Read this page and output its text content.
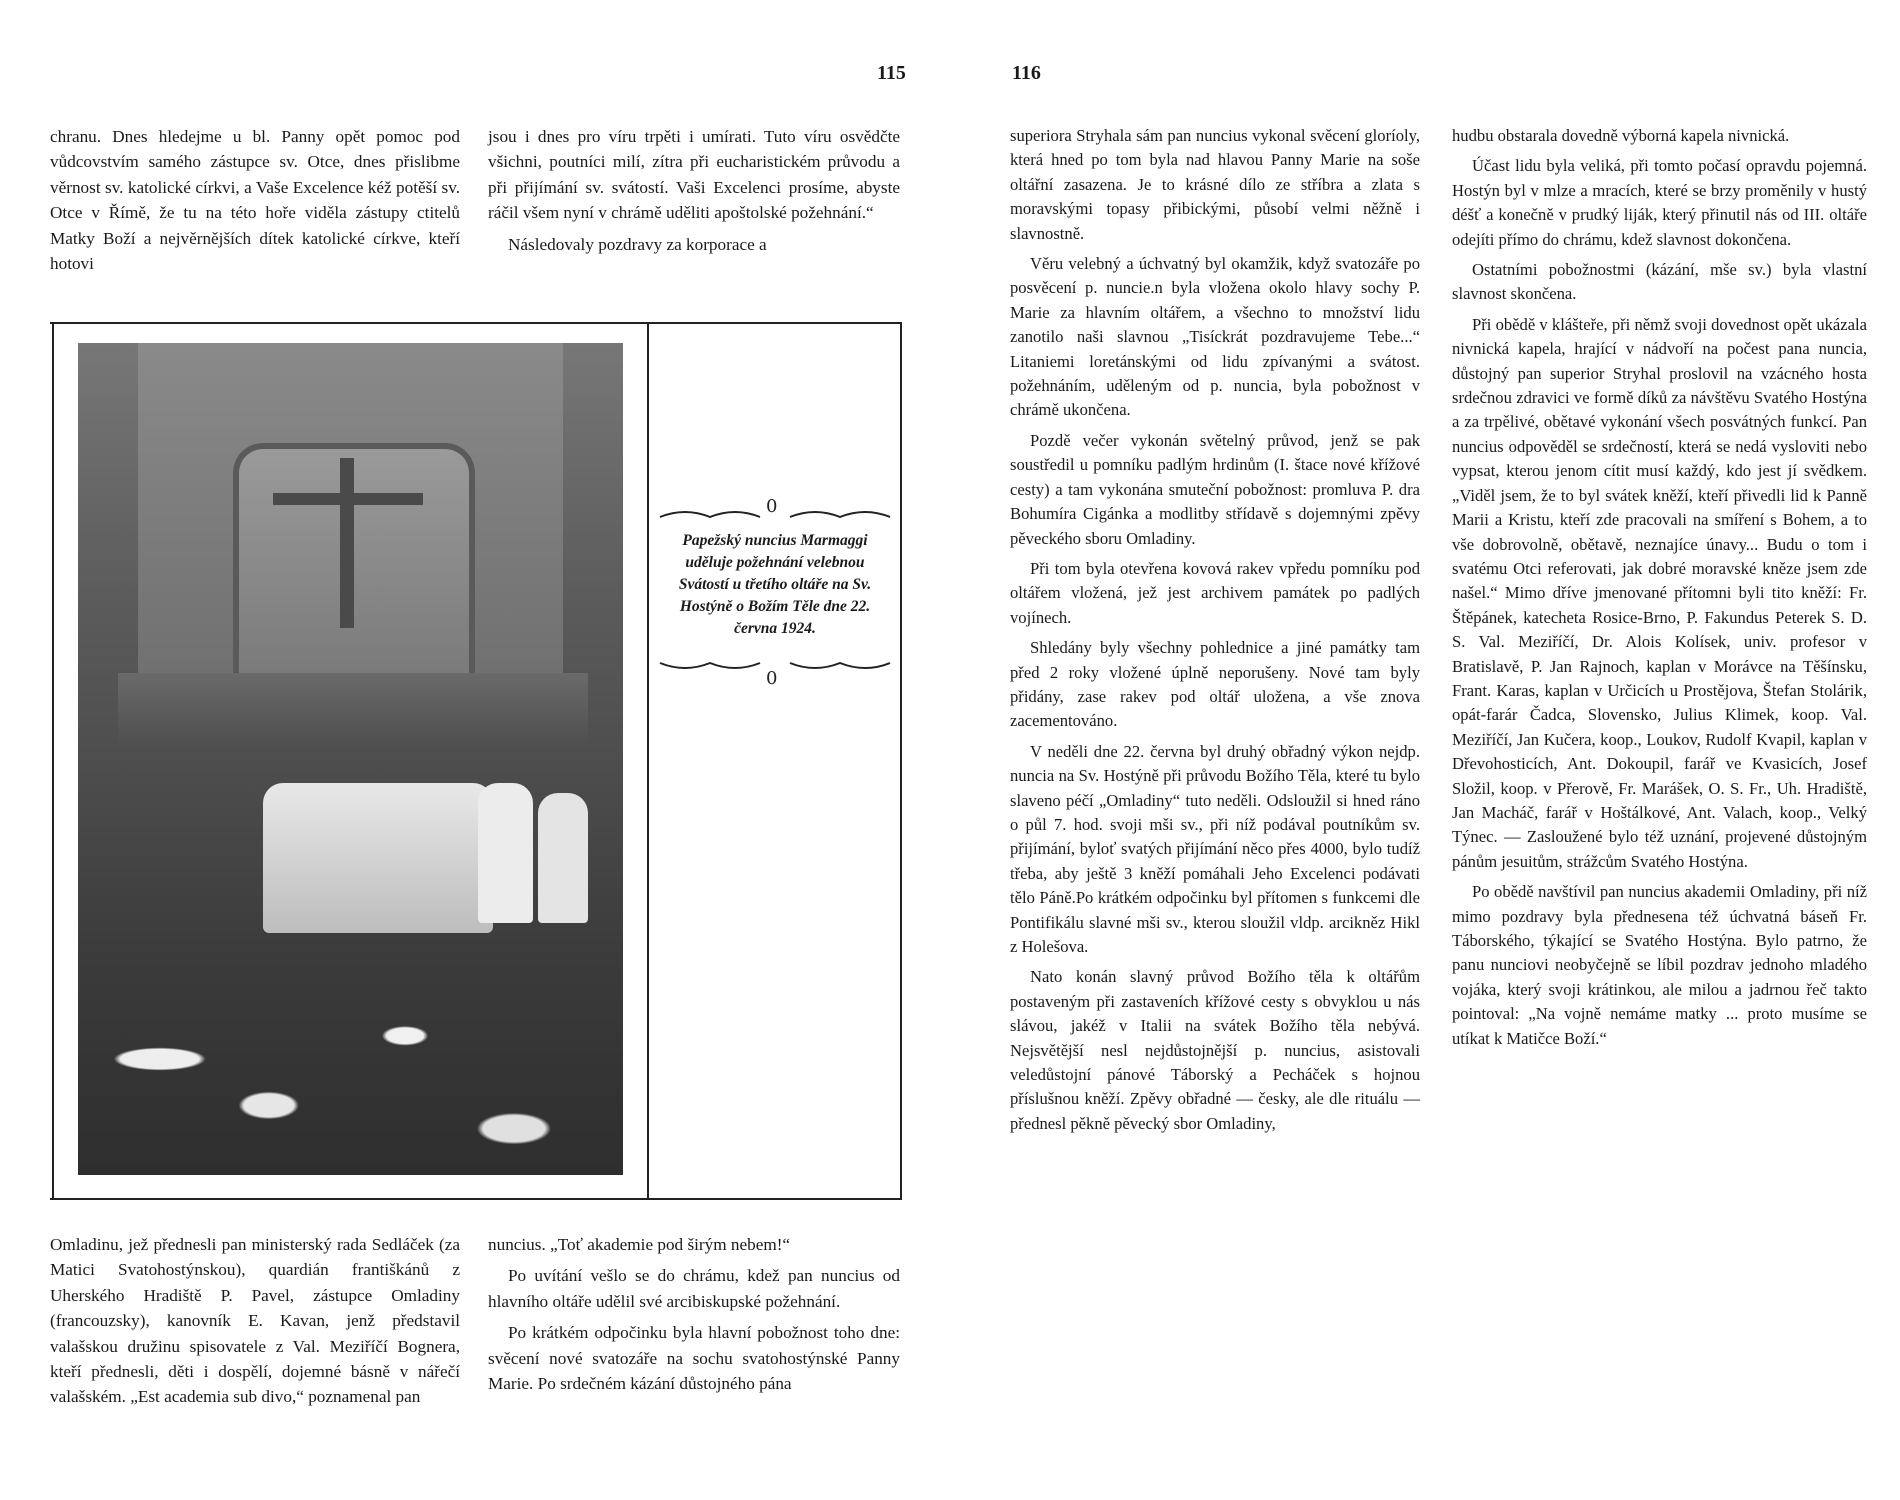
115	116

chranu. Dnes hledejme u bl. Panny opět pomoc pod vůdcovstvím samého zástupce sv. Otce, dnes přislibme věrnost sv. katolické církvi, a Vaše Excelence kéž potěší sv. Otce v Římě, že tu na této hoře viděla zástupy ctitelů Matky Boží a nejvěrnějších dítek katolické církve, kteří hotovi

jsou i dnes pro víru trpěti i umírati. Tuto víru osvědčte všichni, poutníci milí, zítra při eucharistickém průvodu a při přijímání sv. svátostí. Vaši Excelenci prosíme, abyste ráčil všem nyní v chrámě uděliti apoštolské požehnání.“

Následovaly pozdravy za korporace a

0
Papežský nuncius Marmaggi uděluje požehnání velebnou Svátostí u třetího oltáře na Sv. Hostýně o Božím Těle dne 22. června 1924.
0

Omladinu, jež přednesli pan ministerský rada Sedláček (za Matici Svatohostýnskou), quardián františkánů z Uherského Hradiště P. Pavel, zástupce Omladiny (francouzsky), kanovník E. Kavan, jenž představil valašskou družinu spisovatele z Val. Meziříčí Bognera, kteří přednesli, děti i dospělí, dojemné básně v nářečí valašském. „Est academia sub divo,“ poznamenal pan

nuncius. „Toť akademie pod širým nebem!“

Po uvítání vešlo se do chrámu, kdež pan nuncius od hlavního oltáře udělil své arcibiskupské požehnání.

Po krátkém odpočinku byla hlavní pobožnost toho dne: svěcení nové svatozáře na sochu svatohostýnské Panny Marie. Po srdečném kázání důstojného pána

superiora Stryhala sám pan nuncius vykonal svěcení gloríoly, která hned po tom byla nad hlavou Panny Marie na soše oltářní zasazena. Je to krásné dílo ze stříbra a zlata s moravskými topasy přibickými, působí velmi něžně i slavnostně.

Věru velebný a úchvatný byl okamžik, když svatozáře po posvěcení p. nuncie.n byla vložena okolo hlavy sochy P. Marie za hlavním oltářem, a všechno to množství lidu zanotilo naši slavnou „Tisíckrát pozdravujeme Tebe...“ Litaniemi loretánskými od lidu zpívanými a svátost. požehnáním, uděleným od p. nuncia, byla pobožnost v chrámě ukončena.

Pozdě večer vykonán světelný průvod, jenž se pak soustředil u pomníku padlým hrdinům (I. štace nové křížové cesty) a tam vykonána smuteční pobožnost: promluva P. dra Bohumíra Cigánka a modlitby střídavě s dojemnými zpěvy pěveckého sboru Omladiny.

Při tom byla otevřena kovová rakev vpředu pomníku pod oltářem vložená, jež jest archivem památek po padlých vojínech.

Shledány byly všechny pohlednice a jiné památky tam před 2 roky vložené úplně neporušeny. Nové tam byly přidány, zase rakev pod oltář uložena, a vše znova zacementováno.

V neděli dne 22. června byl druhý obřadný výkon nejdp. nuncia na Sv. Hostýně při průvodu Božího Těla, které tu bylo slaveno péčí „Omladiny“ tuto neděli. Odsloužil si hned ráno o půl 7. hod. svoji mši sv., při níž podával poutníkům sv. přijímání, byloť svatých přijímání něco přes 4000, bylo tudíž třeba, aby ještě 3 kněží pomáhali Jeho Excelenci podávati tělo Páně.Po krátkém odpočinku byl přítomen s funkcemi dle Pontifikálu slavné mši sv., kterou sloužil vldp. arcikněz Hikl z Holešova.

Nato konán slavný průvod Božího těla k oltářům postaveným při zastaveních křížové cesty s obvyklou u nás slávou, jakéž v Italii na svátek Božího těla nebývá. Nejsvětější nesl nejdůstojnější p. nuncius, asistovali veledůstojní pánové Táborský a Pecháček s hojnou příslušnou kněží. Zpěvy obřadné — česky, ale dle rituálu — přednesl pěkně pěvecký sbor Omladiny,

hudbu obstarala dovedně výborná kapela nivnická.

Účast lidu byla veliká, při tomto počasí opravdu pojemná. Hostýn byl v mlze a mracích, které se brzy proměnily v hustý déšť a konečně v prudký liják, který přinutil nás od III. oltáře odejíti přímo do chrámu, kdež slavnost dokončena.

Ostatními pobožnostmi (kázání, mše sv.) byla vlastní slavnost skončena.

Při obědě v klášteře, při němž svoji dovednost opět ukázala nivnická kapela, hrající v nádvoří na počest pana nuncia, důstojný pan superior Stryhal proslovil na vzácného hosta srdečnou zdravici ve formě díků za návštěvu Svatého Hostýna a za trpělivé, obětavé vykonání všech posvátných funkcí. Pan nuncius odpověděl se srdečností, která se nedá vysloviti nebo vypsat, kterou jenom cítit musí každý, kdo jest jí svědkem. „Viděl jsem, že to byl svátek kněží, kteří přivedli lid k Panně Marii a Kristu, kteří zde pracovali na smíření s Bohem, a to vše dobrovolně, obětavě, neznajíce únavy... Budu o tom i svatému Otci referovati, jak dobré moravské kněze jsem zde našel.“ Mimo dříve jmenované přítomni byli tito kněží: Fr. Štěpánek, katecheta Rosice-Brno, P. Fakundus Peterek S. D. S. Val. Meziříčí, Dr. Alois Kolísek, univ. profesor v Bratislavě, P. Jan Rajnoch, kaplan v Morávce na Těšínsku, Frant. Karas, kaplan v Určicích u Prostějova, Štefan Stolárik, opát-farár Čadca, Slovensko, Julius Klimek, koop. Val. Meziříčí, Jan Kučera, koop., Loukov, Rudolf Kvapil, kaplan v Dřevohosticích, Ant. Dokoupil, farář ve Kvasicích, Josef Složil, koop. v Přerově, Fr. Marášek, O. S. Fr., Uh. Hradiště, Jan Macháč, farář v Hoštálkové, Ant. Valach, koop., Velký Týnec. — Zasloužené bylo též uznání, projevené důstojným pánům jesuitům, strážcům Svatého Hostýna.

Po obědě navštívil pan nuncius akademii Omladiny, při níž mimo pozdravy byla přednesena též úchvatná báseň Fr. Táborského, týkající se Svatého Hostýna. Bylo patrno, že panu nunciovi neobyčejně se líbil pozdrav jednoho mladého vojáka, který svoji krátinkou, ale milou a jadrnou řeč takto pointoval: „Na vojně nemáme matky ... proto musíme se utíkat k Matičce Boží.“
